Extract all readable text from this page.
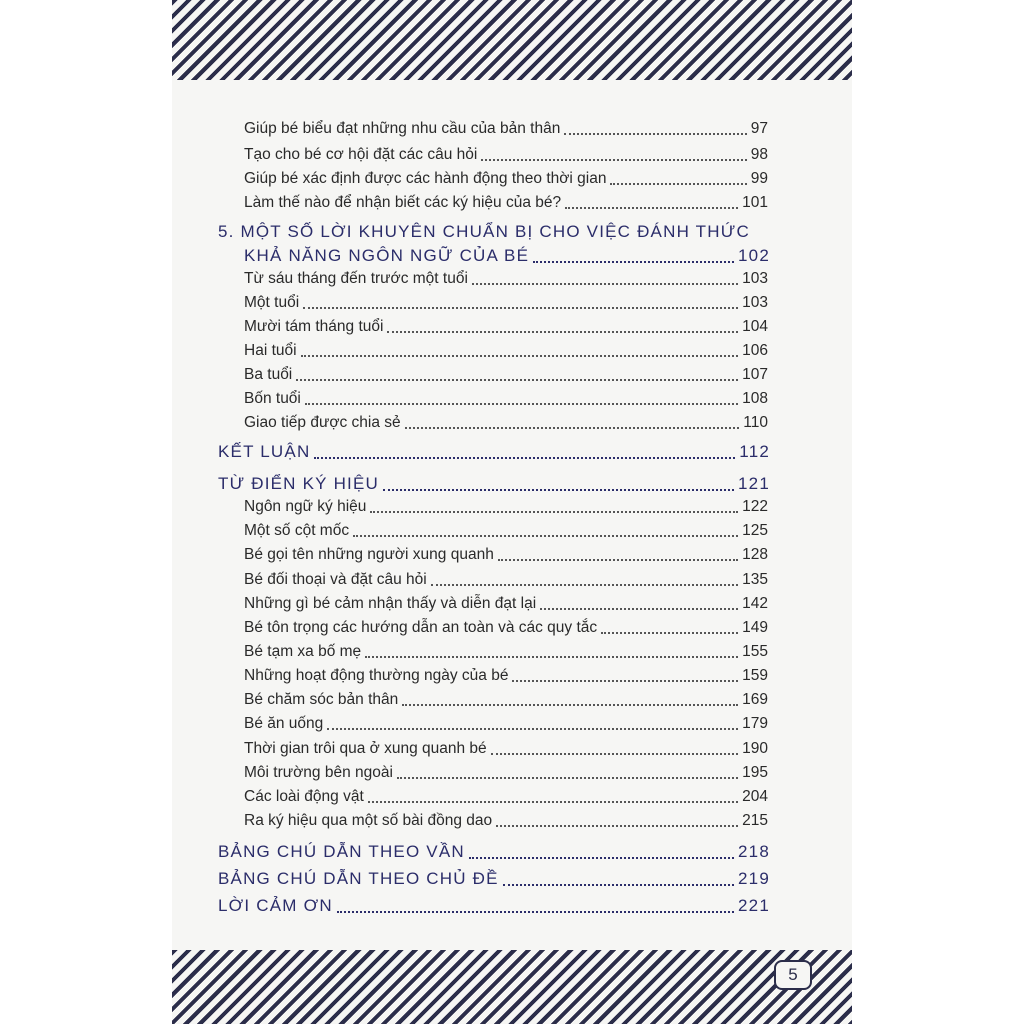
5
Giúp bé biểu đạt những nhu cầu của bản thân	97
Tạo cho bé cơ hội đặt các câu hỏi	98
Giúp bé xác định được các hành động theo thời gian	99
Làm thế nào để nhận biết các ký hiệu của bé?	101
5. MỘT SỐ LỜI KHUYÊN CHUẨN BỊ CHO VIỆC ĐÁNH THỨC
KHẢ NĂNG NGÔN NGỮ CỦA BÉ	102
Từ sáu tháng đến trước một tuổi	103
Một tuổi	103
Mười tám tháng tuổi	104
Hai tuổi	106
Ba tuổi	107
Bốn tuổi	108
Giao tiếp được chia sẻ	110
KẾT LUẬN	112
TỪ ĐIỂN KÝ HIỆU	121
Ngôn ngữ ký hiệu	122
Một số cột mốc	125
Bé gọi tên những người xung quanh	128
Bé đối thoại và đặt câu hỏi	135
Những gì bé cảm nhận thấy và diễn đạt lại	142
Bé tôn trọng các hướng dẫn an toàn và các quy tắc	149
Bé tạm xa bố mẹ	155
Những hoạt động thường ngày của bé	159
Bé chăm sóc bản thân	169
Bé ăn uống	179
Thời gian trôi qua ở xung quanh bé	190
Môi trường bên ngoài	195
Các loài động vật	204
Ra ký hiệu qua một số bài đồng dao	215
BẢNG CHÚ DẪN THEO VẦN	218
BẢNG CHÚ DẪN THEO CHỦ ĐỀ	219
LỜI CẢM ƠN	221
